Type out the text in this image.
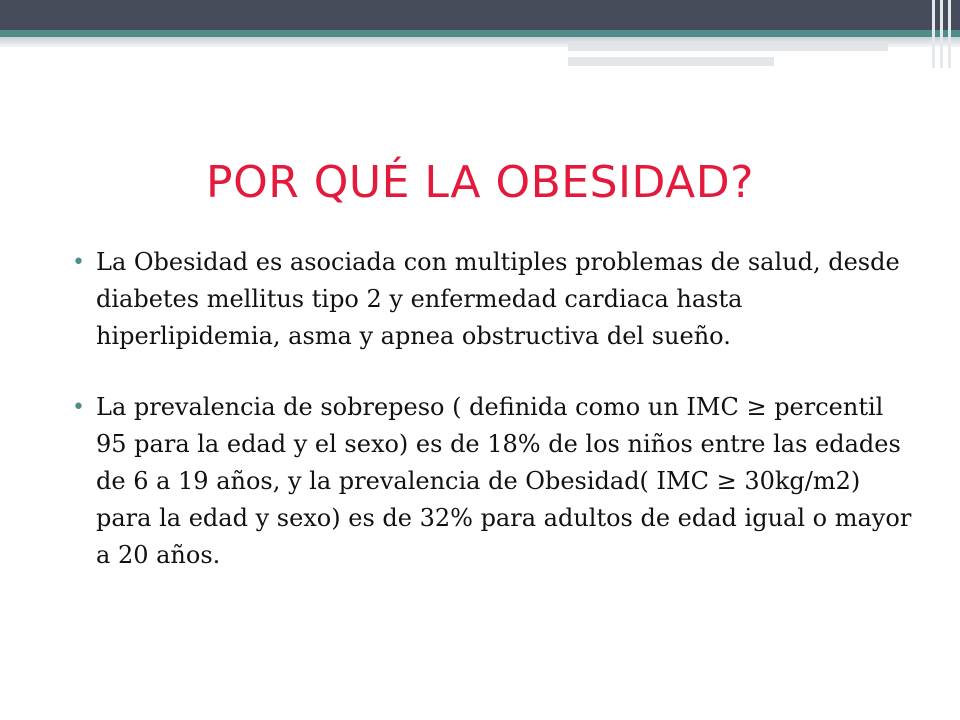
POR QUÉ LA OBESIDAD?
• La Obesidad es asociada con multiples problemas de salud, desde diabetes mellitus tipo 2 y enfermedad cardiaca hasta hiperlipidemia, asma y apnea obstructiva del sueño.
• La prevalencia de sobrepeso ( definida como un IMC ≥ percentil 95 para la edad y el sexo) es de 18% de los niños entre las edades de 6 a 19 años, y la prevalencia de Obesidad( IMC ≥ 30kg/m2) para la edad y sexo) es de 32% para adultos de edad igual o mayor a 20 años.
